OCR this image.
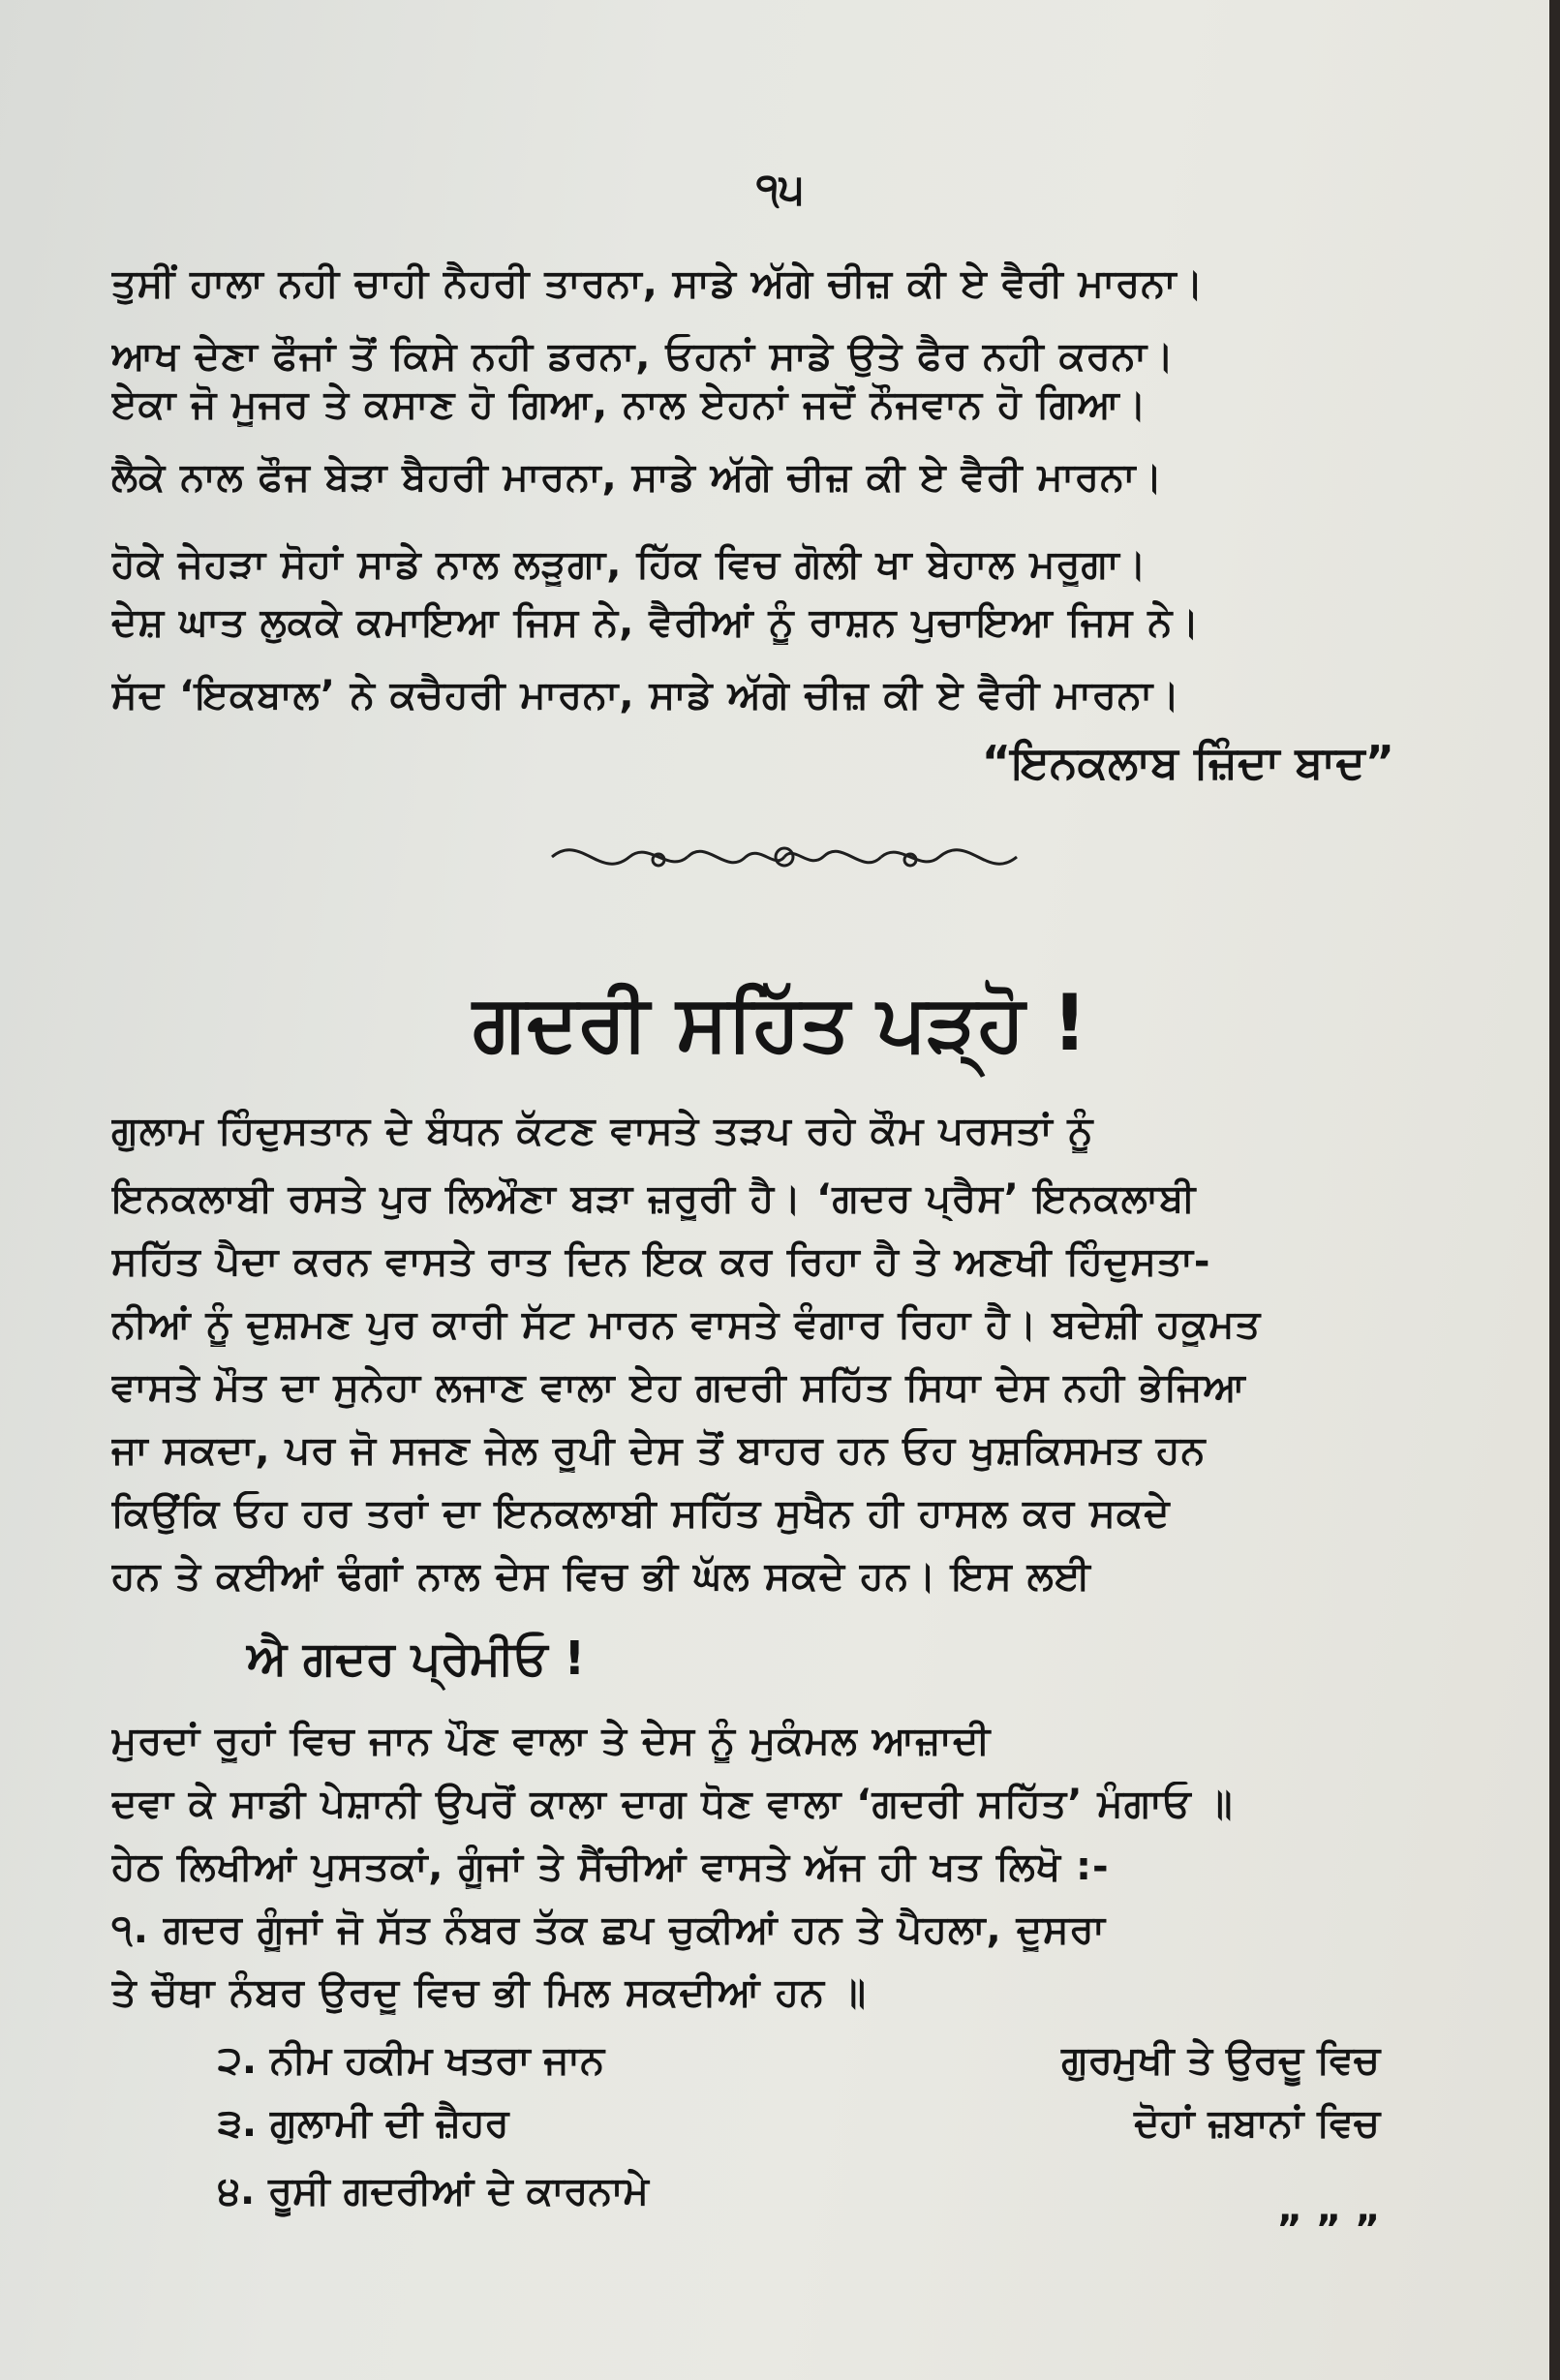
੧੫
ਤੁਸੀਂ ਹਾਲਾ ਨਹੀ ਚਾਹੀ ਨੈਹਰੀ ਤਾਰਨਾ, ਸਾਡੇ ਅੱਗੇ ਚੀਜ਼ ਕੀ ਏ ਵੈਰੀ ਮਾਰਨਾ।
ਆਖ ਦੇਣਾ ਫੌਜਾਂ ਤੋਂ ਕਿਸੇ ਨਹੀ ਡਰਨਾ, ਓਹਨਾਂ ਸਾਡੇ ਉਤੇ ਫੈਰ ਨਹੀ ਕਰਨਾ।
ਏਕਾ ਜੋ ਮੂਜਰ ਤੇ ਕਸਾਣ ਹੋ ਗਿਆ, ਨਾਲ ਏਹਨਾਂ ਜਦੋਂ ਨੌਜਵਾਨ ਹੋ ਗਿਆ।
ਲੈਕੇ ਨਾਲ ਫੌਜ ਬੇੜਾ ਬੈਹਰੀ ਮਾਰਨਾ, ਸਾਡੇ ਅੱਗੇ ਚੀਜ਼ ਕੀ ਏ ਵੈਰੀ ਮਾਰਨਾ।
ਹੋਕੇ ਜੇਹੜਾ ਸੋਹਾਂ ਸਾਡੇ ਨਾਲ ਲੜੂਗਾ, ਹਿੱਕ ਵਿਚ ਗੋਲੀ ਖਾ ਬੇਹਾਲ ਮਰੂਗਾ।
ਦੇਸ਼ ਘਾਤ ਲੁਕਕੇ ਕਮਾਇਆ ਜਿਸ ਨੇ, ਵੈਰੀਆਂ ਨੂੰ ਰਾਸ਼ਨ ਪੁਚਾਇਆ ਜਿਸ ਨੇ।
ਸੱਦ ‘ਇਕਬਾਲ’ ਨੇ ਕਚੈਹਰੀ ਮਾਰਨਾ, ਸਾਡੇ ਅੱਗੇ ਚੀਜ਼ ਕੀ ਏ ਵੈਰੀ ਮਾਰਨਾ।
“ਇਨਕਲਾਬ ਜ਼ਿੰਦਾ ਬਾਦ”
ਗਦਰੀ ਸਹਿੱਤ ਪੜ੍ਹੋ !
ਗੁਲਾਮ ਹਿੰਦੁਸਤਾਨ ਦੇ ਬੰਧਨ ਕੱਟਣ ਵਾਸਤੇ ਤੜਪ ਰਹੇ ਕੌਮ ਪਰਸਤਾਂ ਨੂੰ
ਇਨਕਲਾਬੀ ਰਸਤੇ ਪੁਰ ਲਿਔਣਾ ਬੜਾ ਜ਼ਰੂਰੀ ਹੈ। ‘ਗਦਰ ਪ੍ਰੈਸ’ ਇਨਕਲਾਬੀ
ਸਹਿੱਤ ਪੈਦਾ ਕਰਨ ਵਾਸਤੇ ਰਾਤ ਦਿਨ ਇਕ ਕਰ ਰਿਹਾ ਹੈ ਤੇ ਅਣਖੀ ਹਿੰਦੁਸਤਾ-
ਨੀਆਂ ਨੂੰ ਦੁਸ਼ਮਣ ਪੁਰ ਕਾਰੀ ਸੱਟ ਮਾਰਨ ਵਾਸਤੇ ਵੰਗਾਰ ਰਿਹਾ ਹੈ। ਬਦੇਸ਼ੀ ਹਕੂਮਤ
ਵਾਸਤੇ ਮੌਤ ਦਾ ਸੁਨੇਹਾ ਲਜਾਣ ਵਾਲਾ ਏਹ ਗਦਰੀ ਸਹਿੱਤ ਸਿਧਾ ਦੇਸ ਨਹੀ ਭੇਜਿਆ
ਜਾ ਸਕਦਾ, ਪਰ ਜੋ ਸਜਣ ਜੇਲ ਰੂਪੀ ਦੇਸ ਤੋਂ ਬਾਹਰ ਹਨ ਓਹ ਖੁਸ਼ਕਿਸਮਤ ਹਨ
ਕਿਉਂਕਿ ਓਹ ਹਰ ਤਰਾਂ ਦਾ ਇਨਕਲਾਬੀ ਸਹਿੱਤ ਸੁਖੈਨ ਹੀ ਹਾਸਲ ਕਰ ਸਕਦੇ
ਹਨ ਤੇ ਕਈਆਂ ਢੰਗਾਂ ਨਾਲ ਦੇਸ ਵਿਚ ਭੀ ਘੱਲ ਸਕਦੇ ਹਨ। ਇਸ ਲਈ
ਐ ਗਦਰ ਪ੍ਰੇਮੀਓ !
ਮੁਰਦਾਂ ਰੂਹਾਂ ਵਿਚ ਜਾਨ ਪੌਣ ਵਾਲਾ ਤੇ ਦੇਸ ਨੂੰ ਮੁਕੰਮਲ ਆਜ਼ਾਦੀ
ਦਵਾ ਕੇ ਸਾਡੀ ਪੇਸ਼ਾਨੀ ਉਪਰੋਂ ਕਾਲਾ ਦਾਗ ਧੋਣ ਵਾਲਾ ‘ਗਦਰੀ ਸਹਿੱਤ’ ਮੰਗਾਓ ॥
ਹੇਠ ਲਿਖੀਆਂ ਪੁਸਤਕਾਂ, ਗੂੰਜਾਂ ਤੇ ਸੈਂਚੀਆਂ ਵਾਸਤੇ ਅੱਜ ਹੀ ਖਤ ਲਿਖੋ :-
੧. ਗਦਰ ਗੂੰਜਾਂ ਜੋ ਸੱਤ ਨੰਬਰ ਤੱਕ ਛਪ ਚੁਕੀਆਂ ਹਨ ਤੇ ਪੈਹਲਾ, ਦੂਸਰਾ
ਤੇ ਚੌਥਾ ਨੰਬਰ ਉਰਦੂ ਵਿਚ ਭੀ ਮਿਲ ਸਕਦੀਆਂ ਹਨ ॥
੨. ਨੀਮ ਹਕੀਮ ਖਤਰਾ ਜਾਨ	ਗੁਰਮੁਖੀ ਤੇ ਉਰਦੂ ਵਿਚ
੩. ਗੁਲਾਮੀ ਦੀ ਜ਼ੈਹਰ	ਦੋਹਾਂ ਜ਼ਬਾਨਾਂ ਵਿਚ
੪. ਰੂਸੀ ਗਦਰੀਆਂ ਦੇ ਕਾਰਨਾਮੇ
” ” ”
